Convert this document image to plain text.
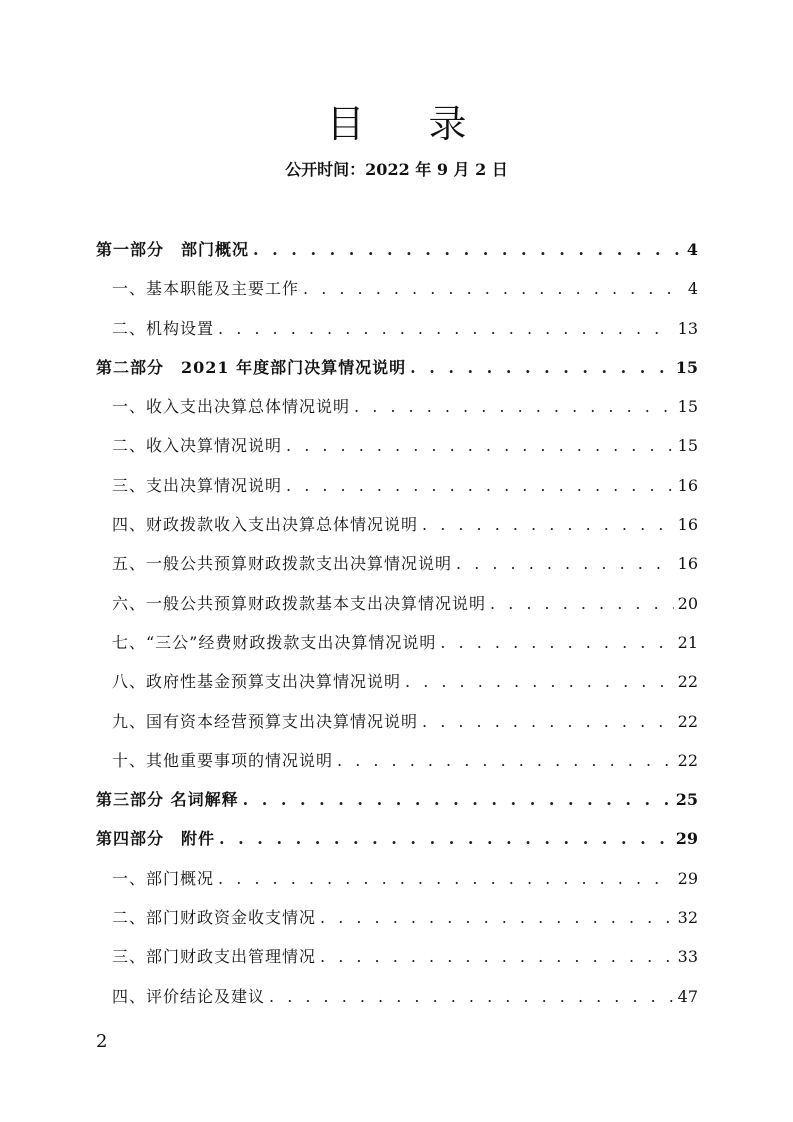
目 录
公开时间：2022 年 9 月 2 日
第一部分　部门概况 . . .	4
一、基本职能及主要工作 . . .	4
二、机构设置 . . .	13
第二部分　2021 年度部门决算情况说明 . . .	15
一、收入支出决算总体情况说明 . . .	15
二、收入决算情况说明 . . .	15
三、支出决算情况说明 . . .	16
四、财政拨款收入支出决算总体情况说明 . . .	16
五、一般公共预算财政拨款支出决算情况说明 . . .	16
六、一般公共预算财政拨款基本支出决算情况说明 . . .	20
七、“三公”经费财政拨款支出决算情况说明 . . .	21
八、政府性基金预算支出决算情况说明 . . .	22
九、国有资本经营预算支出决算情况说明 . . .	22
十、其他重要事项的情况说明 . . .	22
第三部分 名词解释 . . .	25
第四部分　附件 . . .	29
一、部门概况 . . .	29
二、部门财政资金收支情况 . . .	32
三、部门财政支出管理情况 . . .	33
四、评价结论及建议 . . .	47
2
